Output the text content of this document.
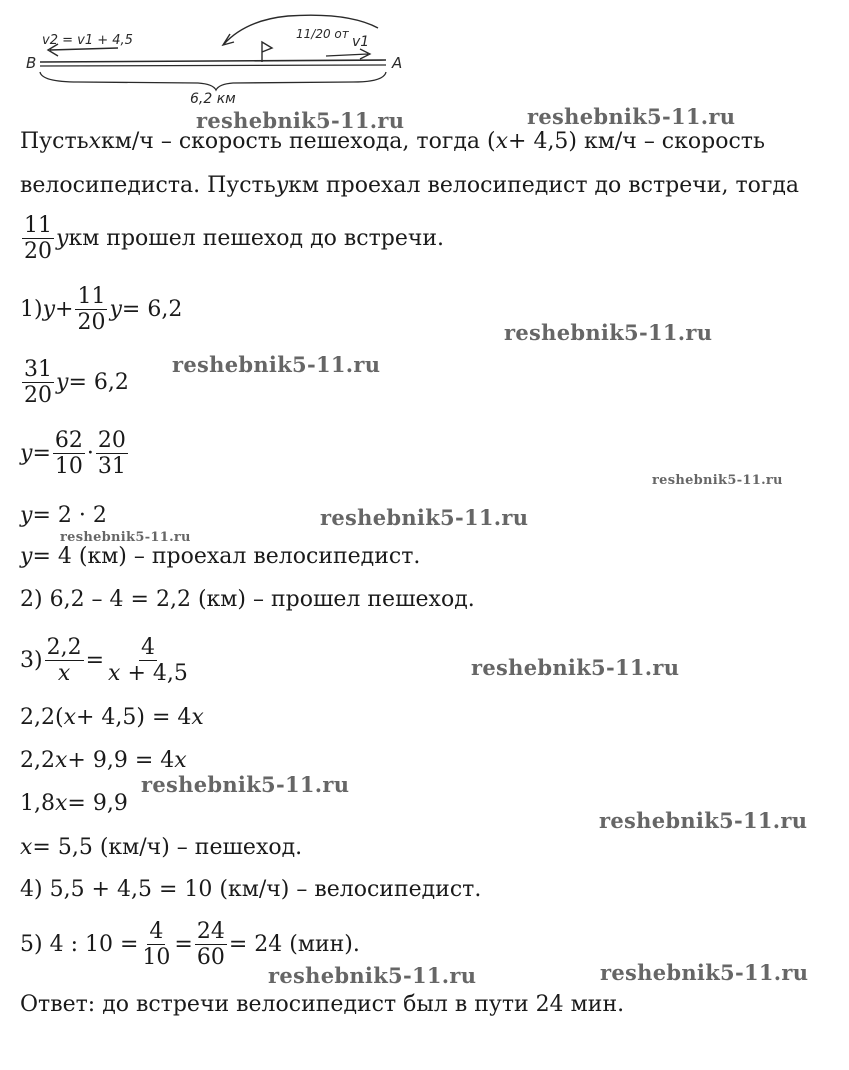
В	А
v2 = v1 + 4,5	v1
11/20 от
6,2 км
Пусть x км/ч – скорость пешехода, тогда ( x + 4,5) км/ч – скорость
велосипедиста. Пусть y км проехал велосипедист до встречи, тогда
$\frac{11}{20}$ y км прошел пешеход до встречи.
1) $y + \frac{11}{20}$ y = 6,2
$\frac{31}{20}$ y = 6,2
$y = \frac{62}{10} \cdot \frac{20}{31}$
y = 2 · 2
y = 4 (км) – проехал велосипедист.
2) 6,2 – 4 = 2,2 (км) – прошел пешеход.
$3) \frac{2,2}{x} = \frac{4}{x + 4,5}$
2,2( x + 4,5) = 4 x
2,2 x + 9,9 = 4 x
1,8 x = 9,9
x = 5,5 (км/ч) – пешеход.
4) 5,5 + 4,5 = 10 (км/ч) – велосипедист.
5) 4 : $10 = \frac{4}{10} = \frac{24}{60} = 24$ (мин).
Ответ: до встречи велосипедист был в пути 24 мин.
reshebnik5-11.ru	reshebnik5-11.ru
reshebnik5-11.ru
reshebnik5-11.ru
reshebnik5-11.ru
reshebnik5-11.ru
reshebnik5-11.ru
reshebnik5-11.ru
reshebnik5-11.ru
reshebnik5-11.ru
reshebnik5-11.ru	reshebnik5-11.ru
